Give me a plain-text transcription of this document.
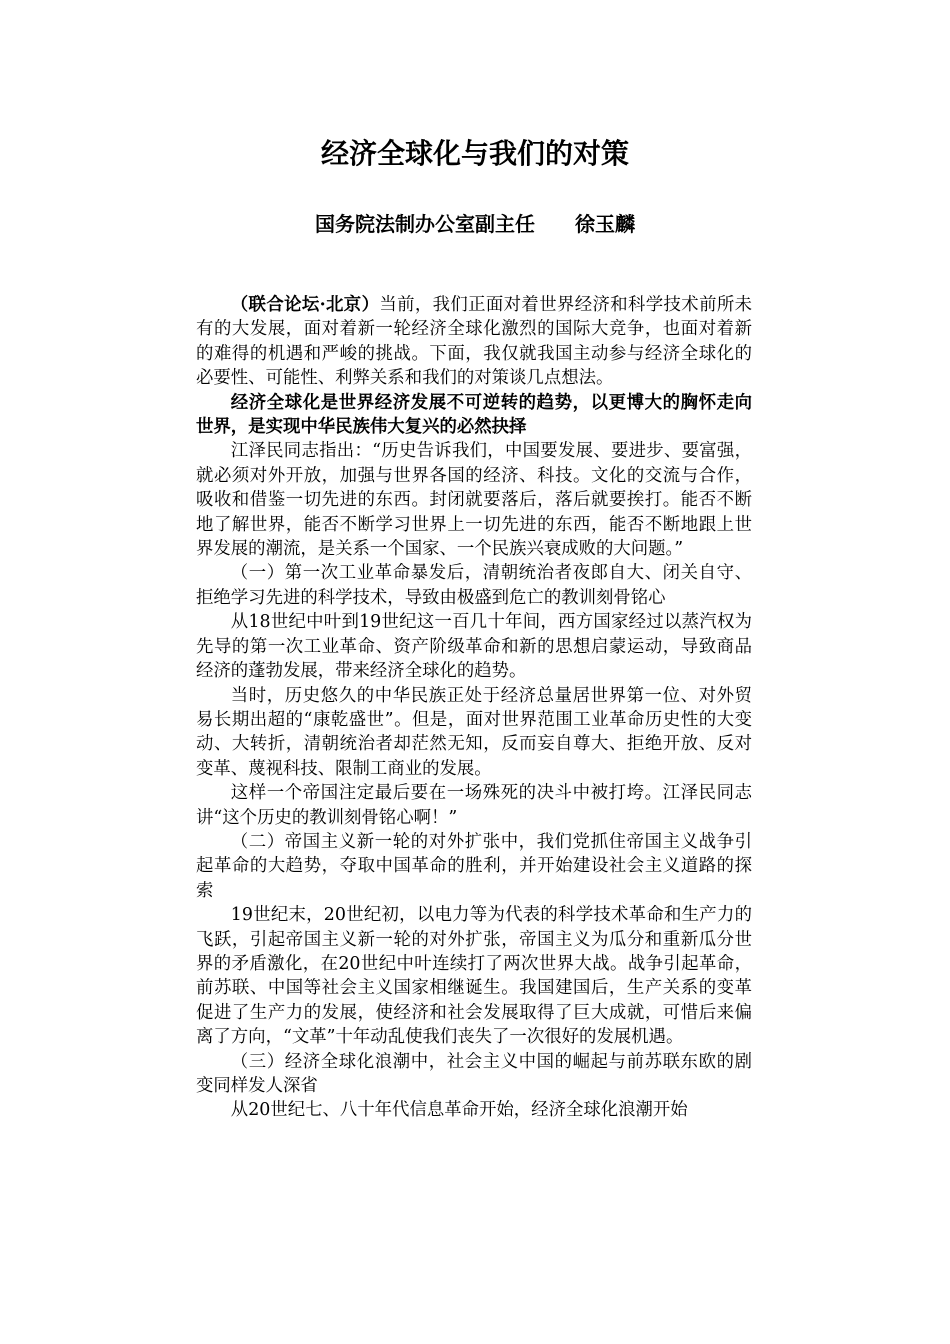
经济全球化与我们的对策
国务院法制办公室副主任　　徐玉麟

（联合论坛·北京）当前，我们正面对着世界经济和科学技术前所未有的大发展，面对着新一轮经济全球化激烈的国际大竞争，也面对着新的难得的机遇和严峻的挑战。下面，我仅就我国主动参与经济全球化的必要性、可能性、利弊关系和我们的对策谈几点想法。

经济全球化是世界经济发展不可逆转的趋势，以更博大的胸怀走向世界，是实现中华民族伟大复兴的必然抉择

江泽民同志指出：“历史告诉我们，中国要发展、要进步、要富强，就必须对外开放，加强与世界各国的经济、科技。文化的交流与合作，吸收和借鉴一切先进的东西。封闭就要落后，落后就要挨打。能否不断地了解世界，能否不断学习世界上一切先进的东西，能否不断地跟上世界发展的潮流，是关系一个国家、一个民族兴衰成败的大问题。”

（一）第一次工业革命暴发后，清朝统治者夜郎自大、闭关自守、拒绝学习先进的科学技术，导致由极盛到危亡的教训刻骨铭心

从18世纪中叶到19世纪这一百几十年间，西方国家经过以蒸汽权为先导的第一次工业革命、资产阶级革命和新的思想启蒙运动，导致商品经济的蓬勃发展，带来经济全球化的趋势。

当时，历史悠久的中华民族正处于经济总量居世界第一位、对外贸易长期出超的“康乾盛世”。但是，面对世界范围工业革命历史性的大变动、大转折，清朝统治者却茫然无知，反而妄自尊大、拒绝开放、反对变革、蔑视科技、限制工商业的发展。

这样一个帝国注定最后要在一场殊死的决斗中被打垮。江泽民同志讲“这个历史的教训刻骨铭心啊！”

（二）帝国主义新一轮的对外扩张中，我们党抓住帝国主义战争引起革命的大趋势，夺取中国革命的胜利，并开始建设社会主义道路的探索

19世纪末，20世纪初，以电力等为代表的科学技术革命和生产力的飞跃，引起帝国主义新一轮的对外扩张，帝国主义为瓜分和重新瓜分世界的矛盾激化，在20世纪中叶连续打了两次世界大战。战争引起革命，前苏联、中国等社会主义国家相继诞生。我国建国后，生产关系的变革促进了生产力的发展，使经济和社会发展取得了巨大成就，可惜后来偏离了方向，“文革”十年动乱使我们丧失了一次很好的发展机遇。

（三）经济全球化浪潮中，社会主义中国的崛起与前苏联东欧的剧变同样发人深省

从20世纪七、八十年代信息革命开始，经济全球化浪潮开始
